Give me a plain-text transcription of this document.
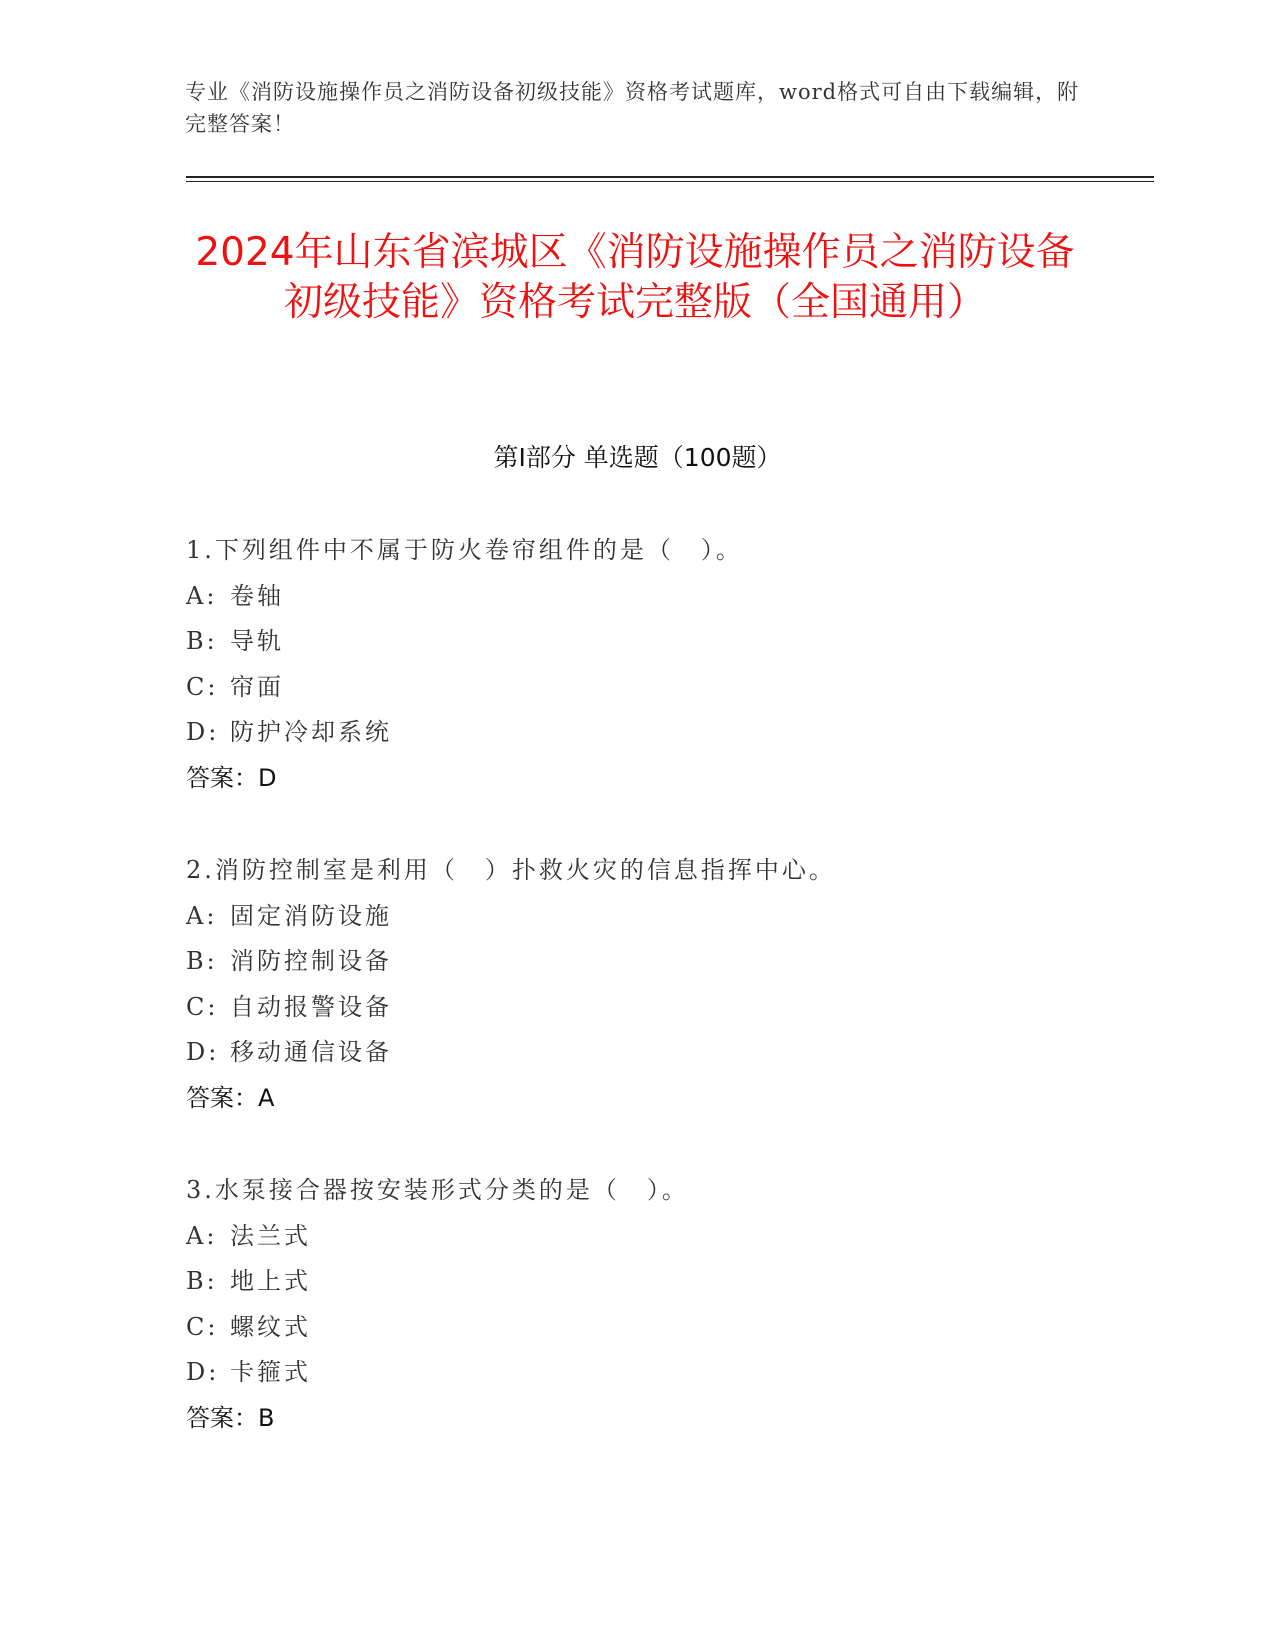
专业《消防设施操作员之消防设备初级技能》资格考试题库，word格式可自由下载编辑，附完整答案！
2024年山东省滨城区《消防设施操作员之消防设备初级技能》资格考试完整版（全国通用）
第Ⅰ部分 单选题（100题）
1.下列组件中不属于防火卷帘组件的是（　）。
A: 卷轴
B: 导轨
C: 帘面
D: 防护冷却系统
答案：D
2.消防控制室是利用（　）扑救火灾的信息指挥中心。
A: 固定消防设施
B: 消防控制设备
C: 自动报警设备
D: 移动通信设备
答案：A
3.水泵接合器按安装形式分类的是（　）。
A: 法兰式
B: 地上式
C: 螺纹式
D: 卡箍式
答案：B
